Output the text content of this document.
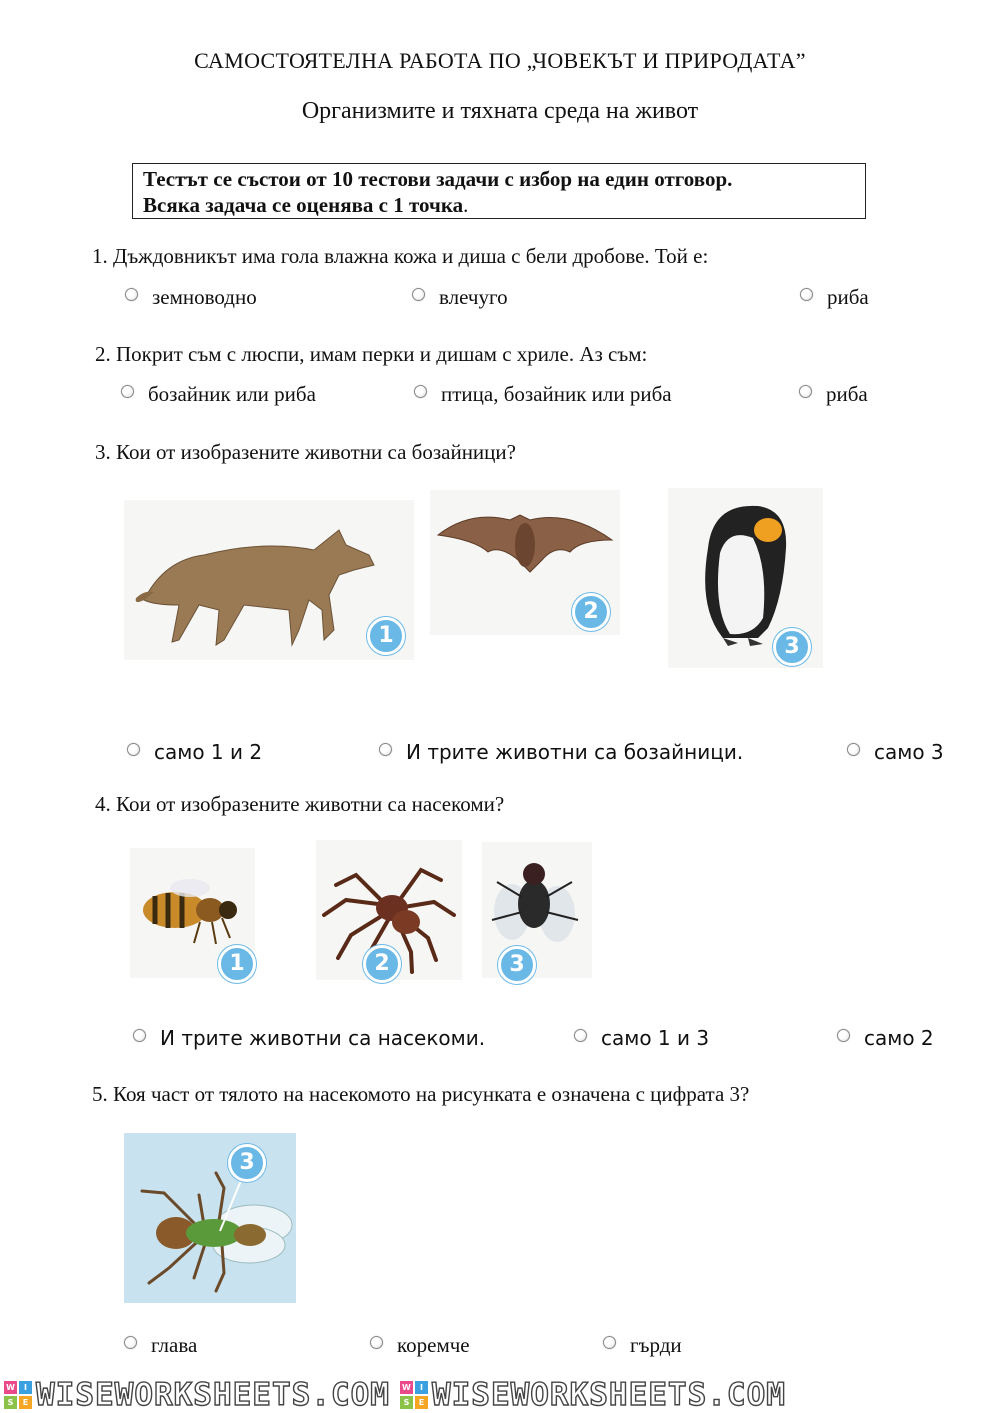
САМОСТОЯТЕЛНА РАБОТА ПО „ЧОВЕКЪТ И ПРИРОДАТА”
Организмите и тяхната среда на живот
Тестът се състои от 10 тестови задачи с избор на един отговор.
Всяка задача се оценява с 1 точка.
1. Дъждовникът има гола влажна кожа и диша с бели дробове. Той е:
земноводно	влечуго	риба
2. Покрит съм с люспи, имам перки и дишам с хриле. Аз съм:
бозайник или риба	птица, бозайник или риба	риба
3. Кои от изобразените животни са бозайници?
1
2
3
само 1 и 2	И трите животни са бозайници.	само 3
4. Кои от изобразените животни са насекоми?
1	2	3
И трите животни са насекоми.	само 1 и 3	само 2
5. Коя част от тялото на насекомото на рисунката е означена с цифрата 3?
3
глава	коремче	гърди
W	I
S	E WISEWORKSHEETS.COM W	I
S	E WISEWORKSHEETS.COM
